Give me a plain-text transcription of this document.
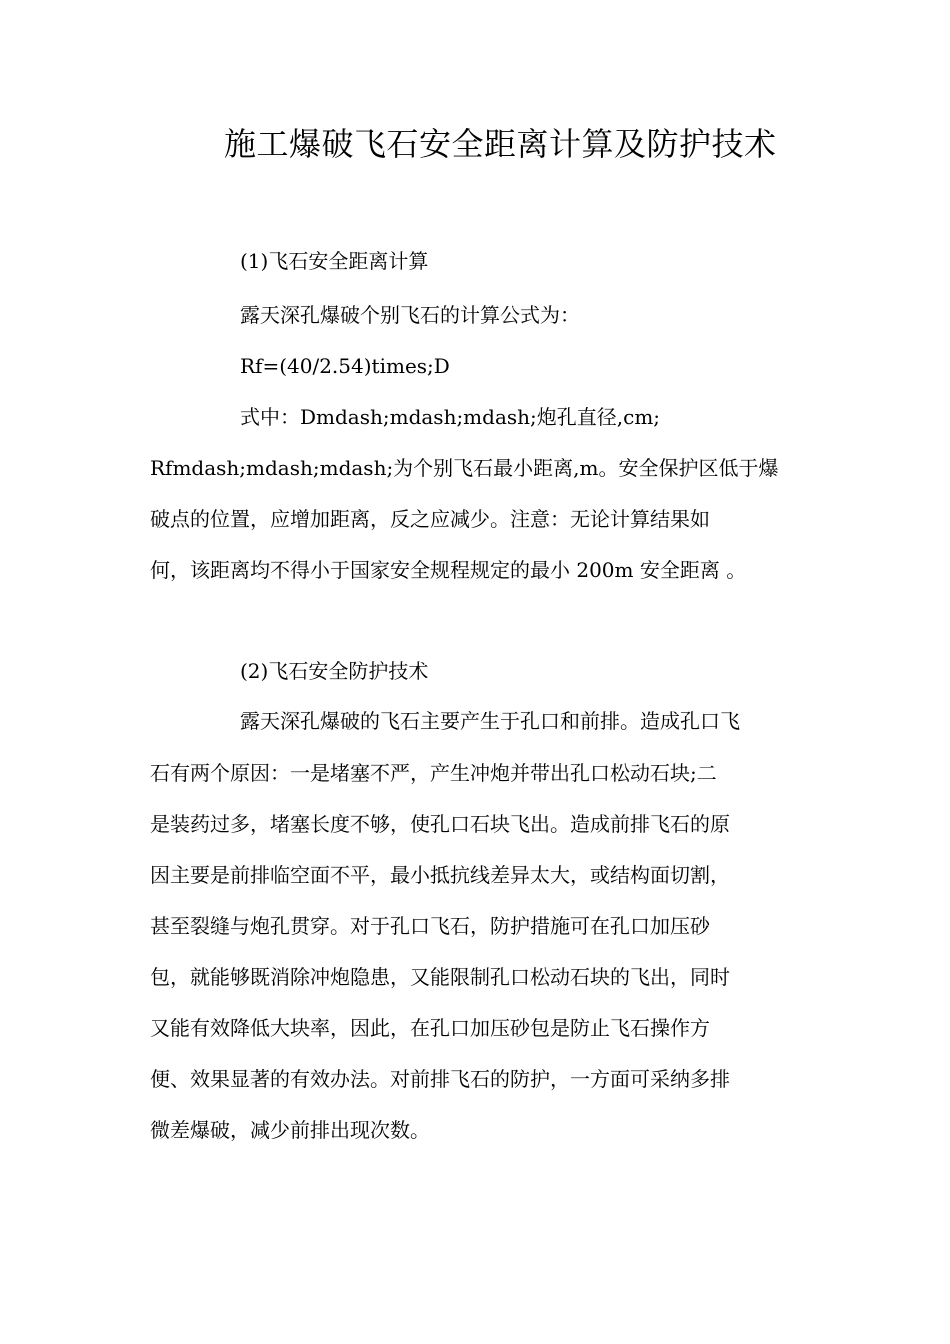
施工爆破飞石安全距离计算及防护技术
(1)飞石安全距离计算
露天深孔爆破个别飞石的计算公式为：
Rf=(40/2.54)times;D
式中：Dmdash;mdash;mdash;炮孔直径,cm;
Rfmdash;mdash;mdash;为个别飞石最小距离,m。安全保护区低于爆
破点的位置，应增加距离，反之应减少。注意：无论计算结果如
何，该距离均不得小于国家安全规程规定的最小 200m 安全距离 。
(2)飞石安全防护技术
露天深孔爆破的飞石主要产生于孔口和前排。造成孔口飞
石有两个原因：一是堵塞不严，产生冲炮并带出孔口松动石块;二
是装药过多，堵塞长度不够，使孔口石块飞出。造成前排飞石的原
因主要是前排临空面不平，最小抵抗线差异太大，或结构面切割，
甚至裂缝与炮孔贯穿。对于孔口飞石，防护措施可在孔口加压砂
包，就能够既消除冲炮隐患，又能限制孔口松动石块的飞出，同时
又能有效降低大块率，因此，在孔口加压砂包是防止飞石操作方
便、效果显著的有效办法。对前排飞石的防护，一方面可采纳多排
微差爆破，减少前排出现次数。
